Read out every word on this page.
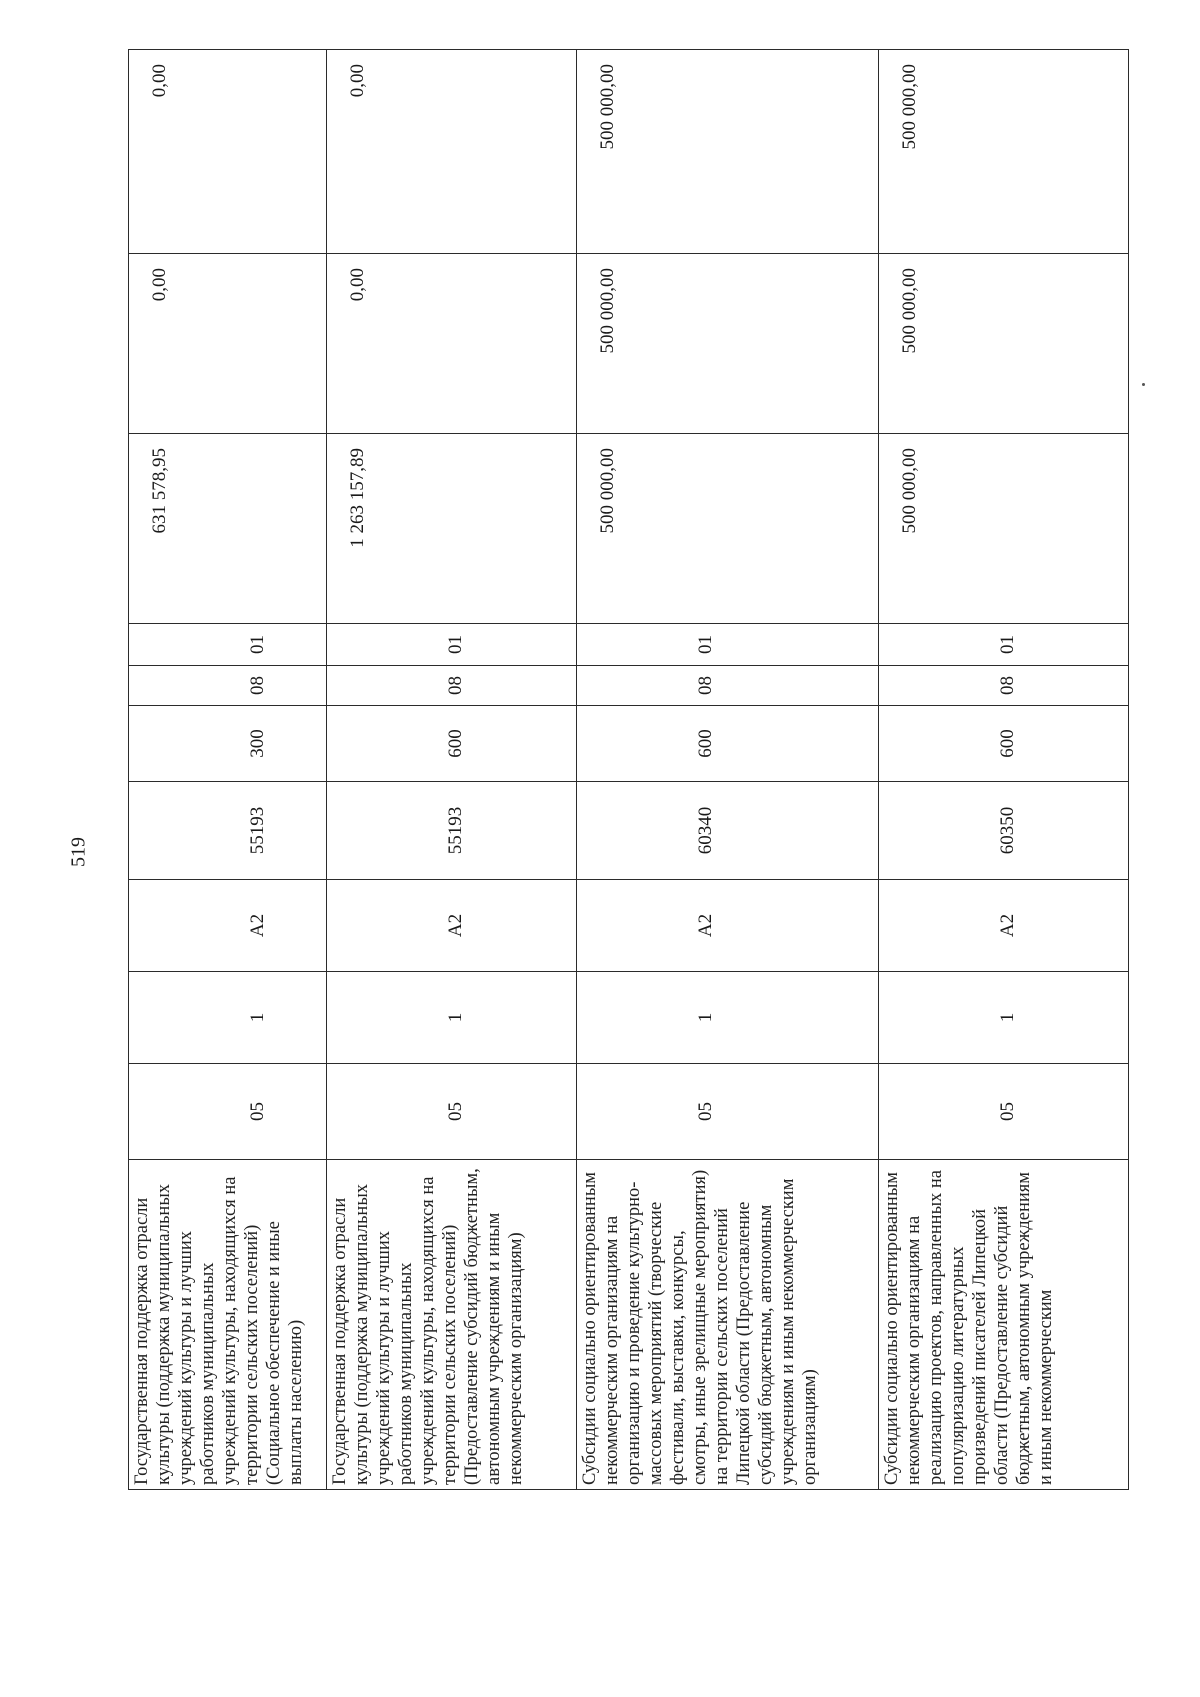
519
Государственная поддержка отрасли культуры (поддержка муниципальных учреждений культуры и лучших работников муниципальных учреждений культуры, находящихся на территории сельских поселений) (Социальное обеспечение и иные выплаты населению)	05	1	A2	55193	300	08	01	631 578,95	0,00	0,00
Государственная поддержка отрасли культуры (поддержка муниципальных учреждений культуры и лучших работников муниципальных учреждений культуры, находящихся на территории сельских поселений) (Предоставление субсидий бюджетным, автономным учреждениям и иным некоммерческим организациям)	05	1	A2	55193	600	08	01	1 263 157,89	0,00	0,00
Субсидии социально ориентированным некоммерческим организациям на организацию и проведение культурно-массовых мероприятий (творческие фестивали, выставки, конкурсы, смотры, иные зрелищные мероприятия) на территории сельских поселений Липецкой области (Предоставление субсидий бюджетным, автономным учреждениям и иным некоммерческим организациям)	05	1	A2	60340	600	08	01	500 000,00	500 000,00	500 000,00
Субсидии социально ориентированным некоммерческим организациям на реализацию проектов, направленных на популяризацию литературных произведений писателей Липецкой области (Предоставление субсидий бюджетным, автономным учреждениям и иным некоммерческим	05	1	A2	60350	600	08	01	500 000,00	500 000,00	500 000,00
